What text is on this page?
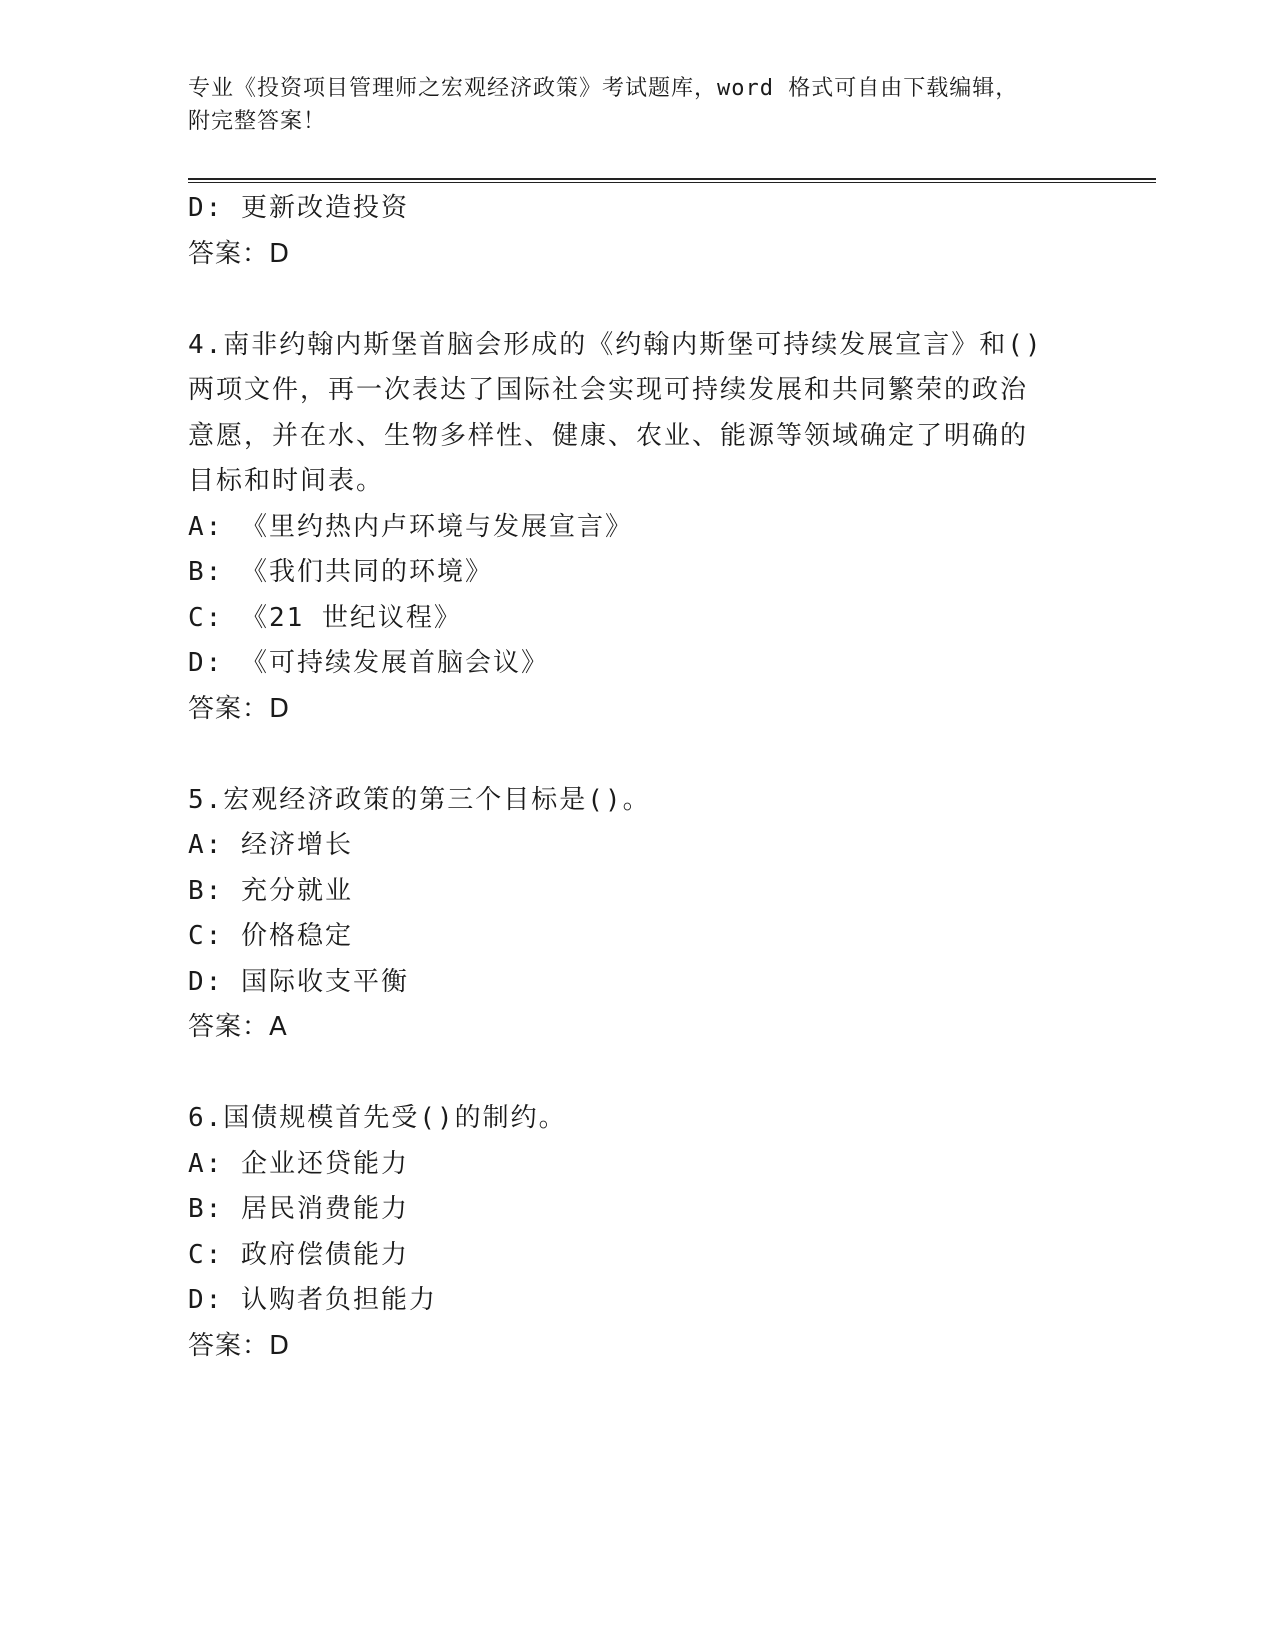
专业《投资项目管理师之宏观经济政策》考试题库，word 格式可自由下载编辑，
附完整答案！
D: 更新改造投资
答案：D
4.南非约翰内斯堡首脑会形成的《约翰内斯堡可持续发展宣言》和()
两项文件，再一次表达了国际社会实现可持续发展和共同繁荣的政治
意愿，并在水、生物多样性、健康、农业、能源等领域确定了明确的
目标和时间表。
A: 《里约热内卢环境与发展宣言》
B: 《我们共同的环境》
C: 《21 世纪议程》
D: 《可持续发展首脑会议》
答案：D
5.宏观经济政策的第三个目标是()。
A: 经济增长
B: 充分就业
C: 价格稳定
D: 国际收支平衡
答案：A
6.国债规模首先受()的制约。
A: 企业还贷能力
B: 居民消费能力
C: 政府偿债能力
D: 认购者负担能力
答案：D
